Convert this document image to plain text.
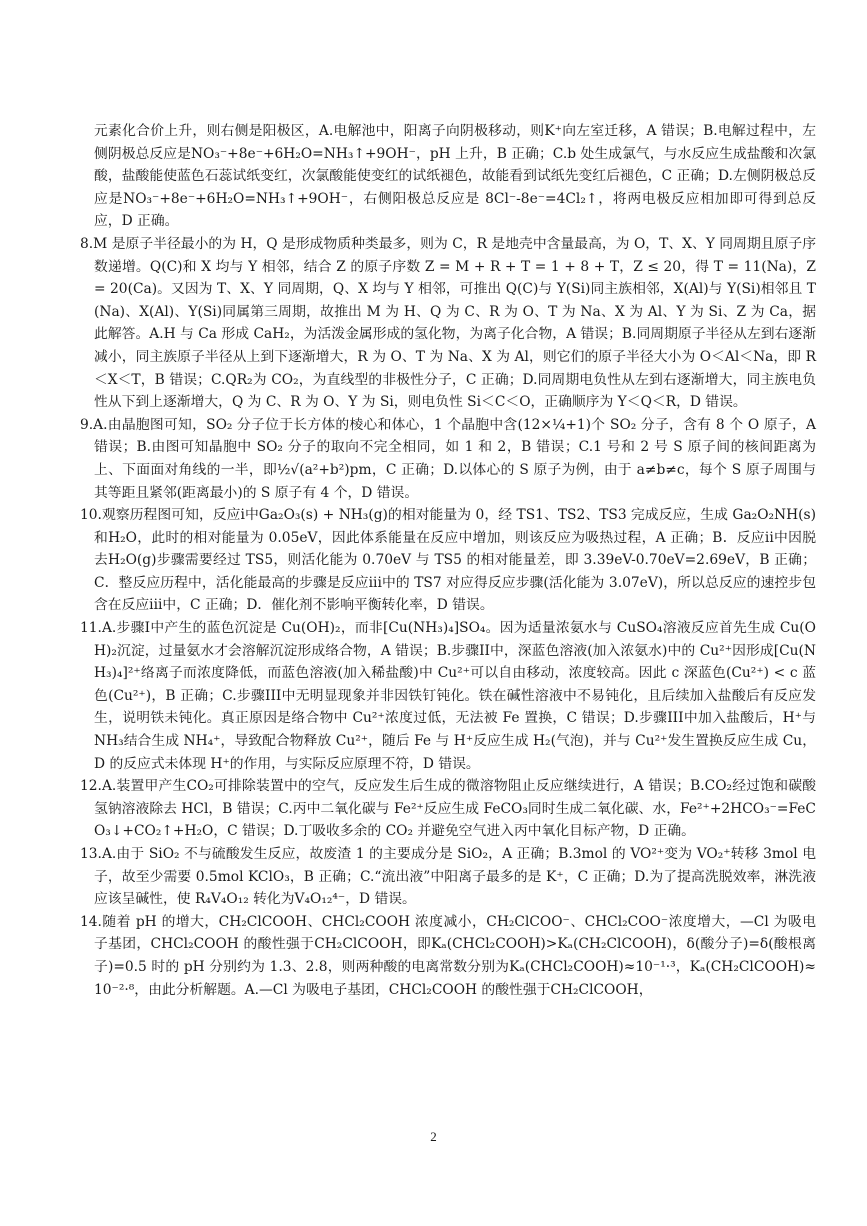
元素化合价上升，则右侧是阳极区，A.电解池中，阳离子向阴极移动，则K⁺向左室迁移，A 错误；B.电解过程中，左侧阴极总反应是NO₃⁻+8e⁻+6H₂O=NH₃↑+9OH⁻，pH 上升，B 正确；C.b 处生成氯气，与水反应生成盐酸和次氯酸，盐酸能使蓝色石蕊试纸变红，次氯酸能使变红的试纸褪色，故能看到试纸先变红后褪色，C 正确；D.左侧阴极总反应是NO₃⁻+8e⁻+6H₂O=NH₃↑+9OH⁻，右侧阳极总反应是 8Cl⁻-8e⁻=4Cl₂↑，将两电极反应相加即可得到总反应，D 正确。

8.M 是原子半径最小的为 H，Q 是形成物质种类最多，则为 C，R 是地壳中含量最高，为 O，T、X、Y 同周期且原子序数递增。Q(C)和 X 均与 Y 相邻，结合 Z 的原子序数 Z = M + R + T = 1 + 8 + T，Z ≤ 20，得 T = 11(Na)，Z = 20(Ca)。又因为 T、X、Y 同周期，Q、X 均与 Y 相邻，可推出 Q(C)与 Y(Si)同主族相邻，X(Al)与 Y(Si)相邻且 T(Na)、X(Al)、Y(Si)同属第三周期，故推出 M 为 H、Q 为 C、R 为 O、T 为 Na、X 为 Al、Y 为 Si、Z 为 Ca，据此解答。A.H 与 Ca 形成 CaH₂，为活泼金属形成的氢化物，为离子化合物，A 错误；B.同周期原子半径从左到右逐渐减小，同主族原子半径从上到下逐渐增大，R 为 O、T 为 Na、X 为 Al，则它们的原子半径大小为 O＜Al＜Na，即 R＜X＜T，B 错误；C.QR₂为 CO₂，为直线型的非极性分子，C 正确；D.同周期电负性从左到右逐渐增大，同主族电负性从下到上逐渐增大，Q 为 C、R 为 O、Y 为 Si，则电负性 Si＜C＜O，正确顺序为 Y＜Q＜R，D 错误。

9.A.由晶胞图可知，SO₂ 分子位于长方体的棱心和体心，1 个晶胞中含(12×¼+1)个 SO₂ 分子，含有 8 个 O 原子，A 错误；B.由图可知晶胞中 SO₂ 分子的取向不完全相同，如 1 和 2，B 错误；C.1 号和 2 号 S 原子间的核间距离为上、下面面对角线的一半，即½√(a²+b²)pm，C 正确；D.以体心的 S 原子为例，由于 a≠b≠c，每个 S 原子周围与其等距且紧邻(距离最小)的 S 原子有 4 个，D 错误。

10.观察历程图可知，反应i中Ga₂O₃(s) + NH₃(g)的相对能量为 0，经 TS1、TS2、TS3 完成反应，生成 Ga₂O₂NH(s)和H₂O，此时的相对能量为 0.05eV，因此体系能量在反应中增加，则该反应为吸热过程，A 正确；B．反应ii中因脱去H₂O(g)步骤需要经过 TS5，则活化能为 0.70eV 与 TS5 的相对能量差，即 3.39eV-0.70eV=2.69eV，B 正确；C．整反应历程中，活化能最高的步骤是反应iii中的 TS7 对应得反应步骤(活化能为 3.07eV)，所以总反应的速控步包含在反应iii中，C 正确；D．催化剂不影响平衡转化率，D 错误。

11.A.步骤I中产生的蓝色沉淀是 Cu(OH)₂，而非[Cu(NH₃)₄]SO₄。因为适量浓氨水与 CuSO₄溶液反应首先生成 Cu(OH)₂沉淀，过量氨水才会溶解沉淀形成络合物，A 错误；B.步骤II中，深蓝色溶液(加入浓氨水)中的 Cu²⁺因形成[Cu(NH₃)₄]²⁺络离子而浓度降低，而蓝色溶液(加入稀盐酸)中 Cu²⁺可以自由移动，浓度较高。因此 c 深蓝色(Cu²⁺) < c 蓝色(Cu²⁺)，B 正确；C.步骤III中无明显现象并非因铁钉钝化。铁在碱性溶液中不易钝化，且后续加入盐酸后有反应发生，说明铁未钝化。真正原因是络合物中 Cu²⁺浓度过低，无法被 Fe 置换，C 错误；D.步骤III中加入盐酸后，H⁺与 NH₃结合生成 NH₄⁺，导致配合物释放 Cu²⁺，随后 Fe 与 H⁺反应生成 H₂(气泡)，并与 Cu²⁺发生置换反应生成 Cu，D 的反应式未体现 H⁺的作用，与实际反应原理不符，D 错误。

12.A.装置甲产生CO₂可排除装置中的空气，反应发生后生成的微溶物阻止反应继续进行，A 错误；B.CO₂经过饱和碳酸氢钠溶液除去 HCl，B 错误；C.丙中二氧化碳与 Fe²⁺反应生成 FeCO₃同时生成二氧化碳、水，Fe²⁺+2HCO₃⁻=FeCO₃↓+CO₂↑+H₂O，C 错误；D.丁吸收多余的 CO₂ 并避免空气进入丙中氧化目标产物，D 正确。

13.A.由于 SiO₂ 不与硫酸发生反应，故废渣 1 的主要成分是 SiO₂，A 正确；B.3mol 的 VO²⁺变为 VO₂⁺转移 3mol 电子，故至少需要 0.5mol KClO₃，B 正确；C.“流出液”中阳离子最多的是 K⁺，C 正确；D.为了提高洗脱效率，淋洗液应该呈碱性，使 R₄V₄O₁₂ 转化为V₄O₁₂⁴⁻，D 错误。

14.随着 pH 的增大，CH₂ClCOOH、CHCl₂COOH 浓度减小，CH₂ClCOO⁻、CHCl₂COO⁻浓度增大，—Cl 为吸电子基团，CHCl₂COOH 的酸性强于CH₂ClCOOH，即Kₐ(CHCl₂COOH)>Kₐ(CH₂ClCOOH)，δ(酸分子)=δ(酸根离子)=0.5 时的 pH 分别约为 1.3、2.8，则两种酸的电离常数分别为Kₐ(CHCl₂COOH)≈10⁻¹·³，Kₐ(CH₂ClCOOH)≈10⁻²·⁸，由此分析解题。A.—Cl 为吸电子基团，CHCl₂COOH 的酸性强于CH₂ClCOOH，

2
